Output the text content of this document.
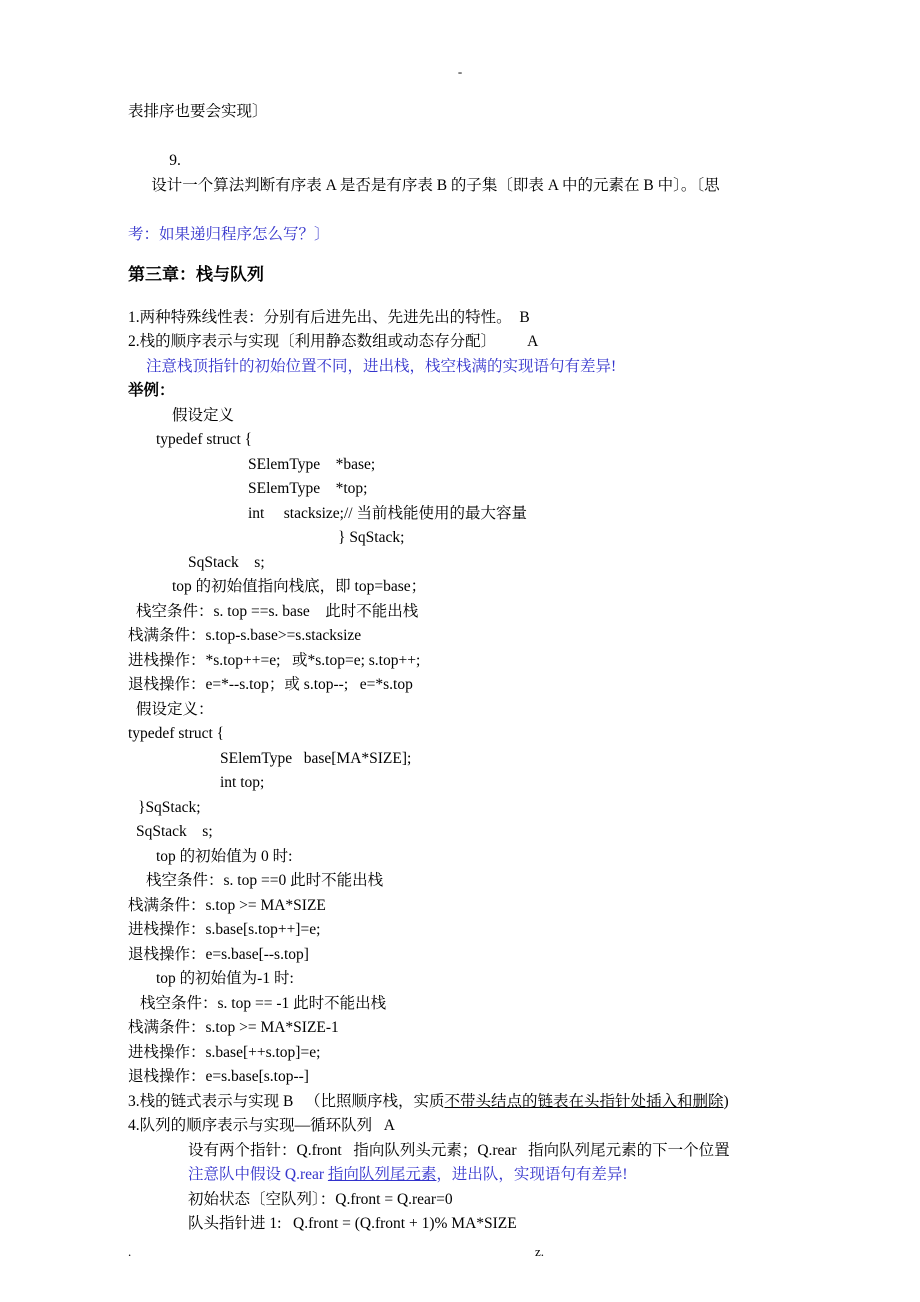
-
表排序也要会实现〕

9.
设计一个算法判断有序表 A 是否是有序表 B 的子集〔即表 A 中的元素在 B 中〕。〔思

考：如果递归程序怎么写？〕
第三章：栈与队列
1.两种特殊线性表：分别有后进先出、先进先出的特性。  B
2.栈的顺序表示与实现〔利用静态数组或动态存分配〕        A
注意栈顶指针的初始位置不同，进出栈，栈空栈满的实现语句有差异!
举例：
假设定义
typedef struct {
SElemType    *base;
SElemType    *top;
int     stacksize;// 当前栈能使用的最大容量
} SqStack;
SqStack    s;
top 的初始值指向栈底，即 top=base；
栈空条件：s. top ==s. base    此时不能出栈
栈满条件：s.top-s.base>=s.stacksize
进栈操作：*s.top++=e;   或*s.top=e; s.top++;
退栈操作：e=*--s.top；或 s.top--;   e=*s.top
假设定义：
typedef struct {
SElemType   base[MA*SIZE];
int top;
}SqStack;
SqStack    s;
top 的初始值为 0 时:
栈空条件：s. top ==0 此时不能出栈
栈满条件：s.top >= MA*SIZE
进栈操作：s.base[s.top++]=e;
退栈操作：e=s.base[--s.top]
top 的初始值为-1 时:
栈空条件：s. top == -1 此时不能出栈
栈满条件：s.top >= MA*SIZE-1
进栈操作：s.base[++s.top]=e;
退栈操作：e=s.base[s.top--]
3.栈的链式表示与实现 B   （比照顺序栈，实质不带头结点的链表在头指针处插入和删除)
4.队列的顺序表示与实现—循环队列   A
设有两个指针：Q.front   指向队列头元素；Q.rear   指向队列尾元素的下一个位置
注意队中假设 Q.rear 指向队列尾元素，进出队，实现语句有差异!
初始状态〔空队列〕：Q.front = Q.rear=0
队头指针进 1:   Q.front = (Q.front + 1)% MA*SIZE
.	z.
